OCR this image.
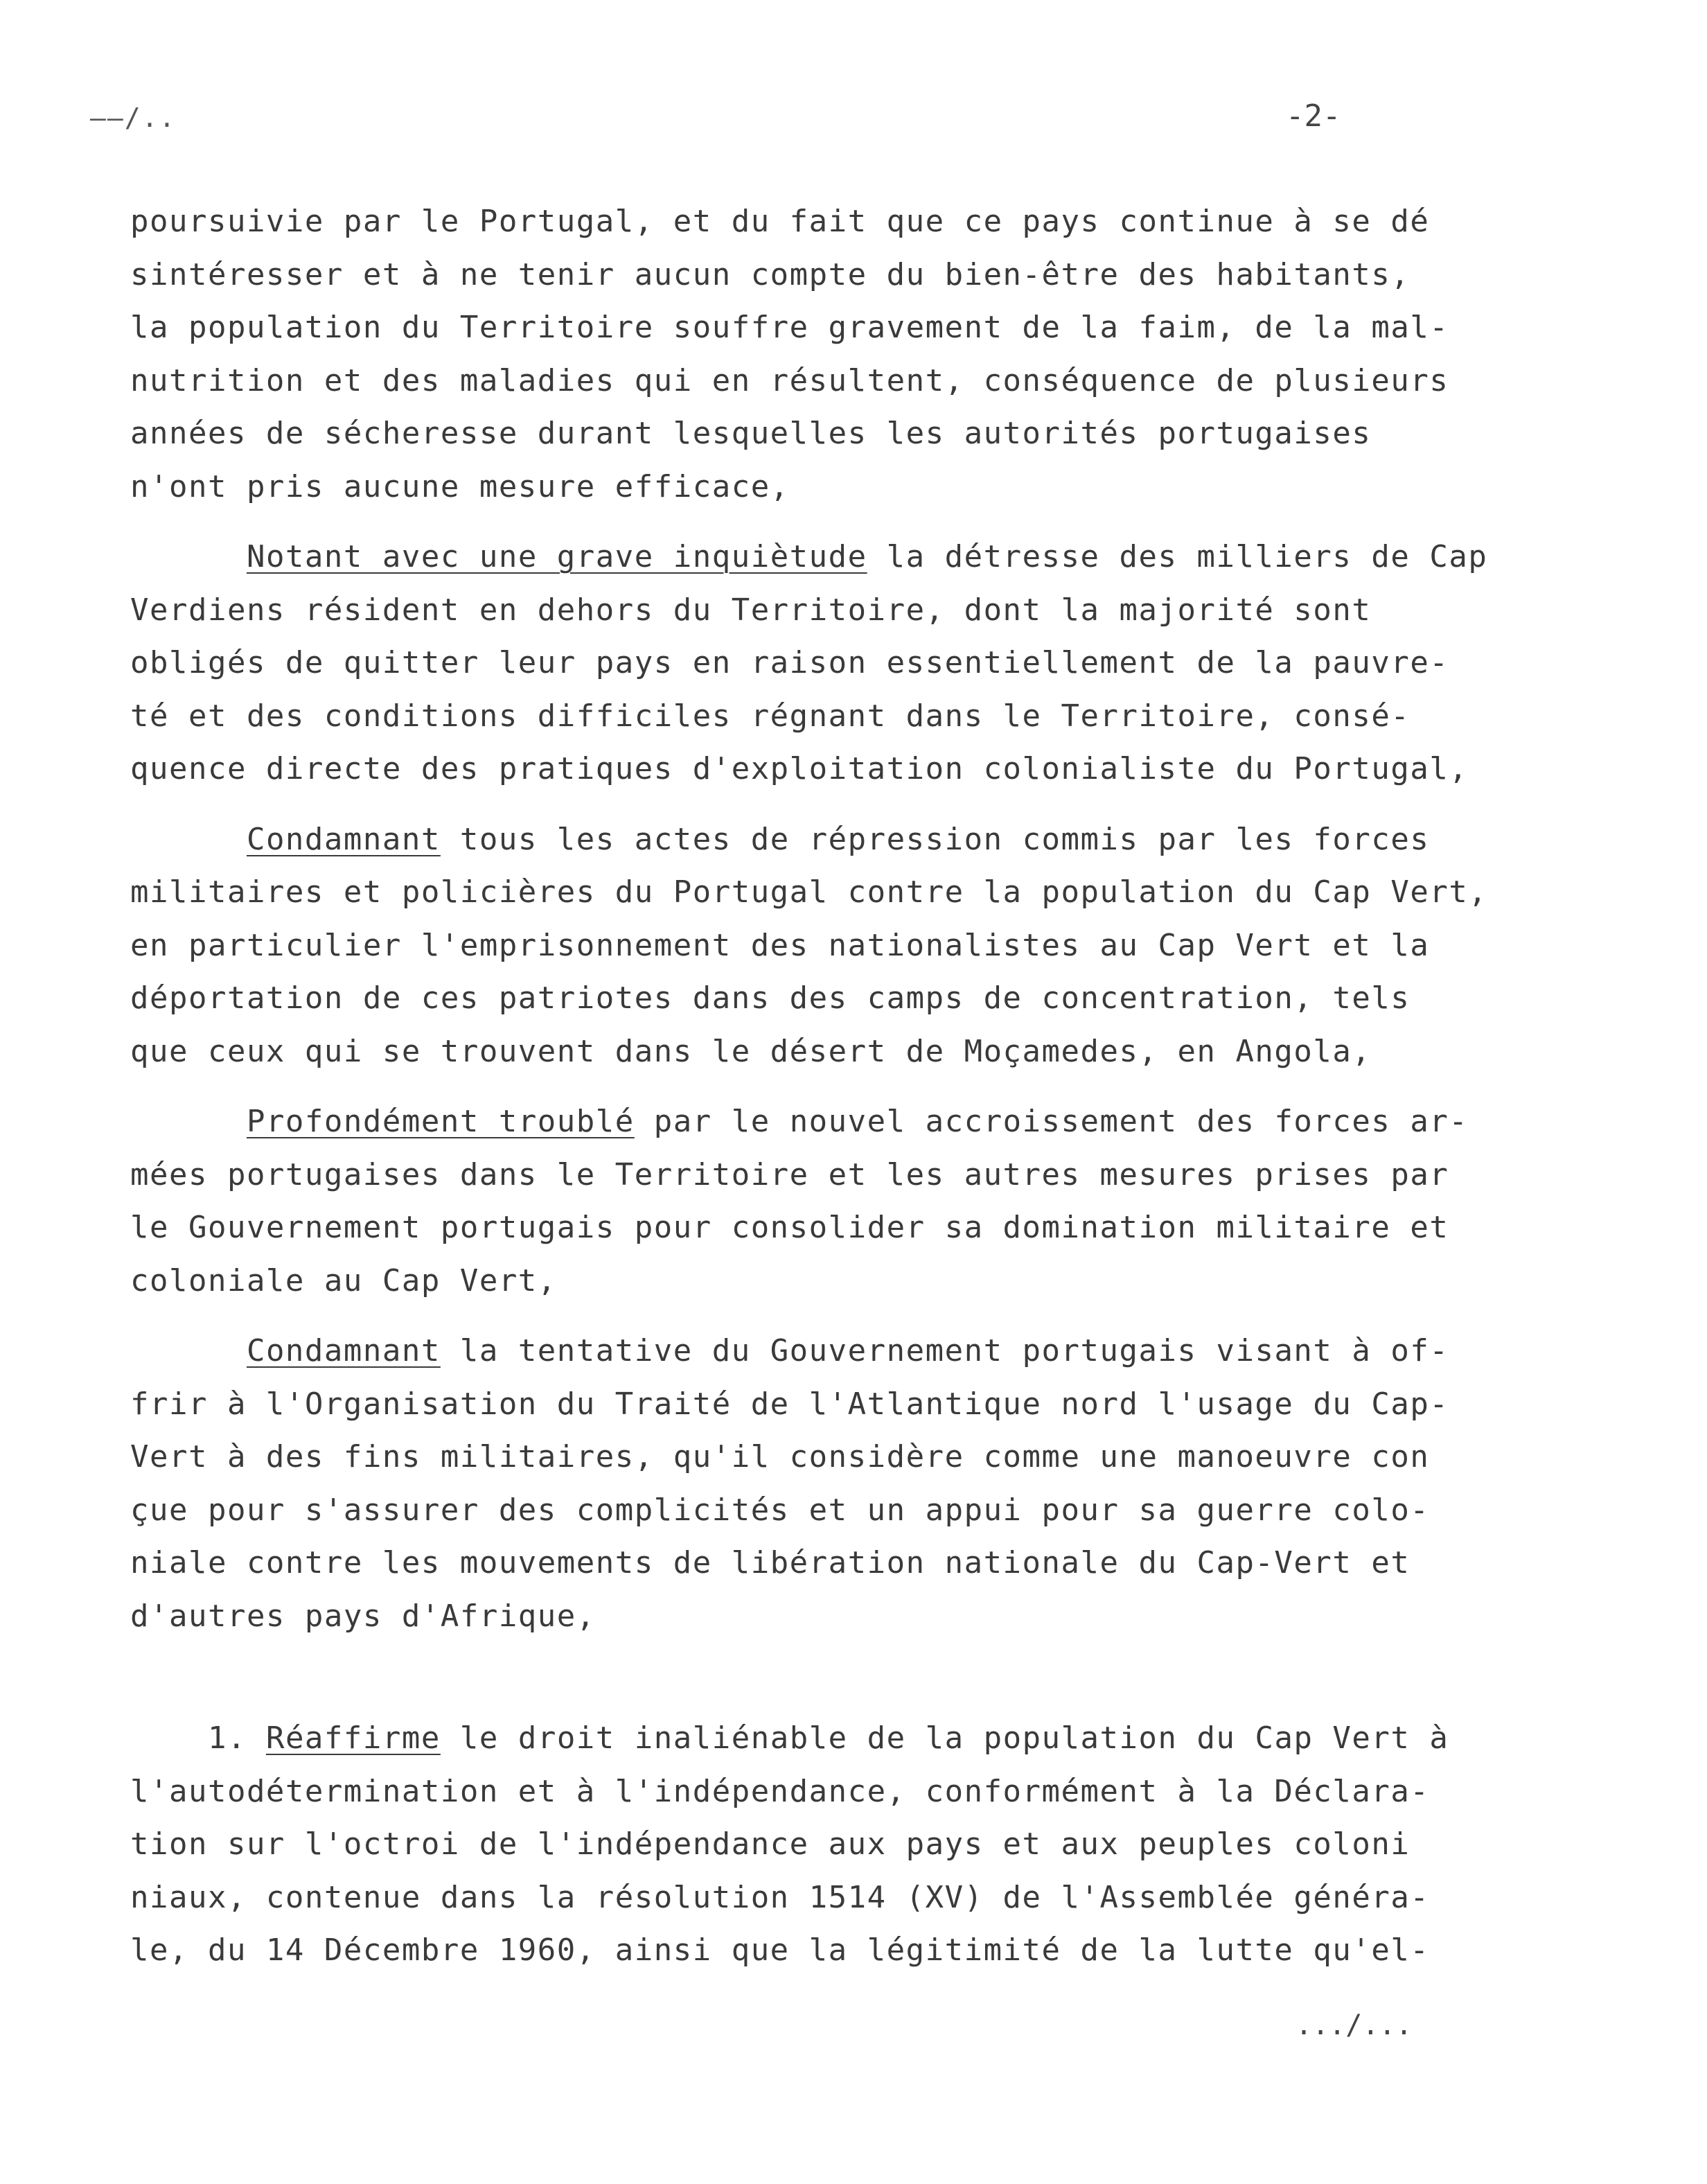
——/..	-2-
poursuivie par le Portugal, et du fait que ce pays continue à se dé
sintéresser et à ne tenir aucun compte du bien-être des habitants,
la population du Territoire souffre gravement de la faim, de la mal-
nutrition et des maladies qui en résultent, conséquence de plusieurs
années de sécheresse durant lesquelles les autorités portugaises
n'ont pris aucune mesure efficace,
Notant avec une grave inquiètude la détresse des milliers de Cap
Verdiens résident en dehors du Territoire, dont la majorité sont
obligés de quitter leur pays en raison essentiellement de la pauvre-
té et des conditions difficiles régnant dans le Territoire, consé-
quence directe des pratiques d'exploitation colonialiste du Portugal,
Condamnant tous les actes de répression commis par les forces
militaires et policières du Portugal contre la population du Cap Vert,
en particulier l'emprisonnement des nationalistes au Cap Vert et la
déportation de ces patriotes dans des camps de concentration, tels
que ceux qui se trouvent dans le désert de Moçamedes, en Angola,
Profondément troublé par le nouvel accroissement des forces ar-
mées portugaises dans le Territoire et les autres mesures prises par
le Gouvernement portugais pour consolider sa domination militaire et
coloniale au Cap Vert,
Condamnant la tentative du Gouvernement portugais visant à of-
frir à l'Organisation du Traité de l'Atlantique nord l'usage du Cap-
Vert à des fins militaires, qu'il considère comme une manoeuvre con
çue pour s'assurer des complicités et un appui pour sa guerre colo-
niale contre les mouvements de libération nationale du Cap-Vert et
d'autres pays d'Afrique,
1. Réaffirme le droit inaliénable de la population du Cap Vert à
l'autodétermination et à l'indépendance, conformément à la Déclara-
tion sur l'octroi de l'indépendance aux pays et aux peuples coloni
niaux, contenue dans la résolution 1514 (XV) de l'Assemblée généra-
le, du 14 Décembre 1960, ainsi que la légitimité de la lutte qu'el-
.../...
